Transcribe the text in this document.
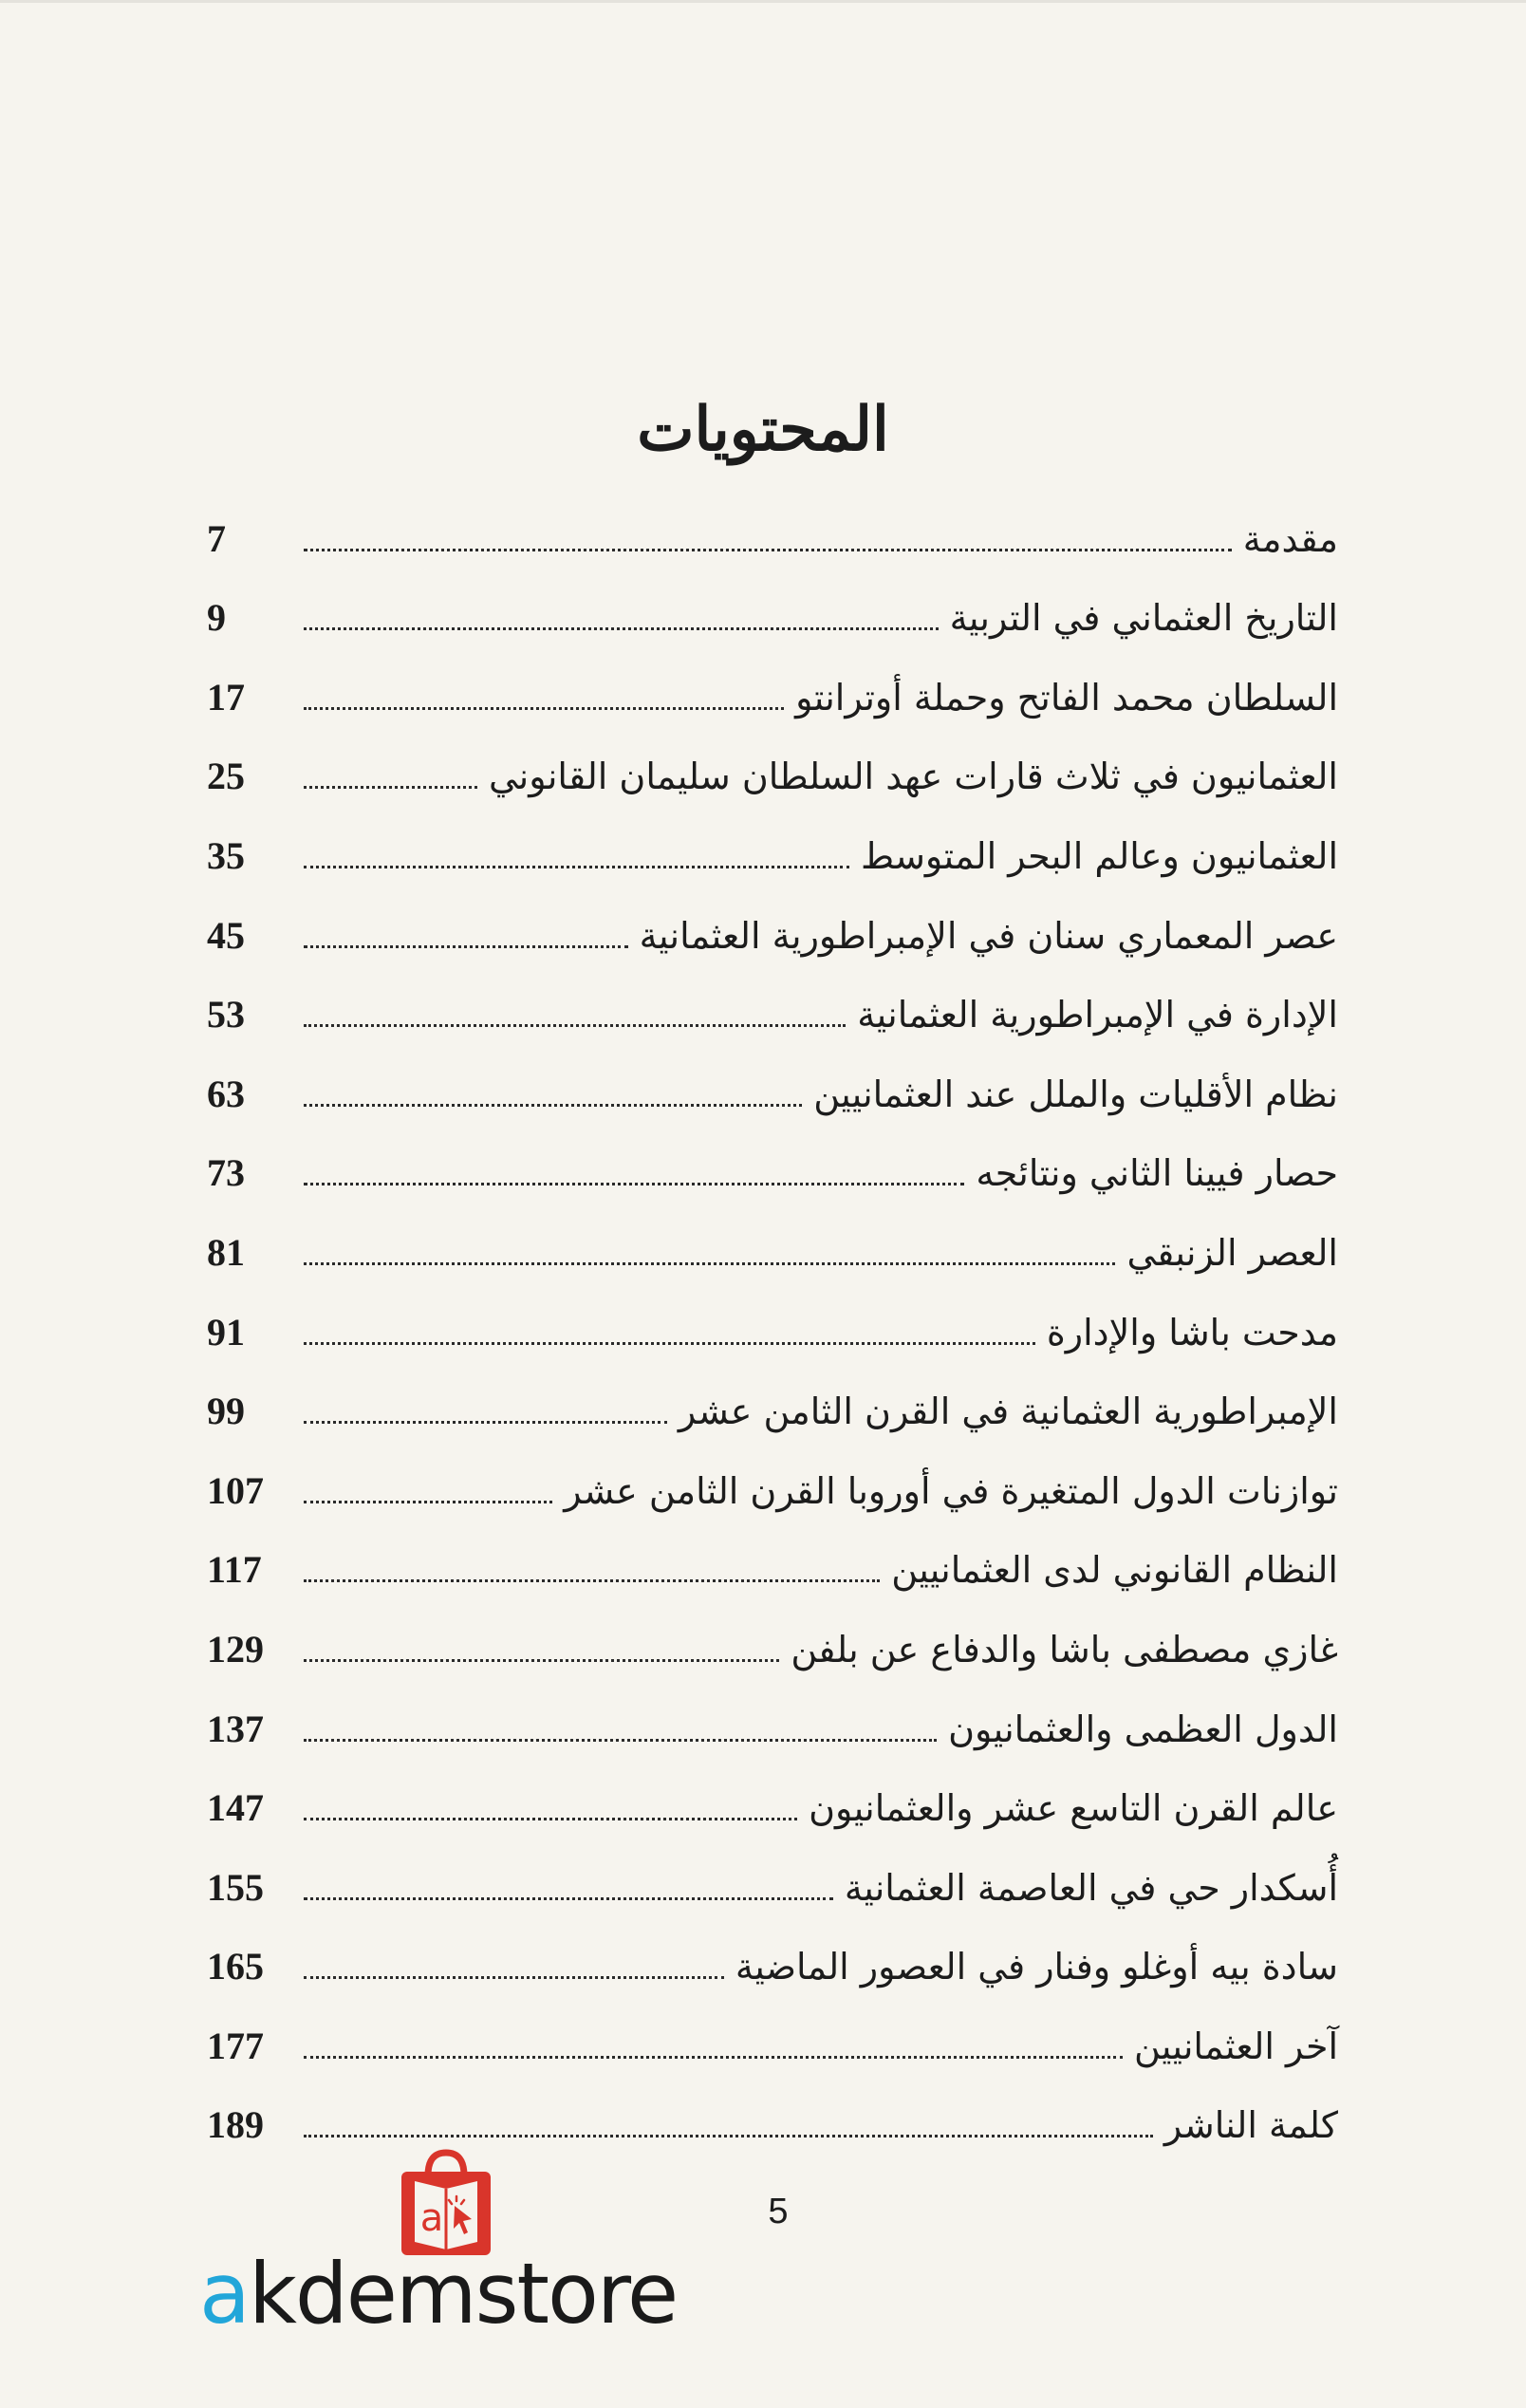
المحتويات
مقدمة
7
التاريخ العثماني في التربية
9
السلطان محمد الفاتح وحملة أوترانتو
17
العثمانيون في ثلاث قارات عهد السلطان سليمان القانوني
25
العثمانيون وعالم البحر المتوسط
35
عصر المعماري سنان في الإمبراطورية العثمانية
45
الإدارة في الإمبراطورية العثمانية
53
نظام الأقليات والملل عند العثمانيين
63
حصار فيينا الثاني ونتائجه
73
العصر الزنبقي
81
مدحت باشا والإدارة
91
الإمبراطورية العثمانية في القرن الثامن عشر
99
توازنات الدول المتغيرة في أوروبا القرن الثامن عشر
107
النظام القانوني لدى العثمانيين
117
غازي مصطفى باشا والدفاع عن بلفن
129
الدول العظمى والعثمانيون
137
عالم القرن التاسع عشر والعثمانيون
147
أُسكدار حي في العاصمة العثمانية
155
سادة بيه أوغلو وفنار في العصور الماضية
165
آخر العثمانيين
177
كلمة الناشر
189
5
a
akdemstore
